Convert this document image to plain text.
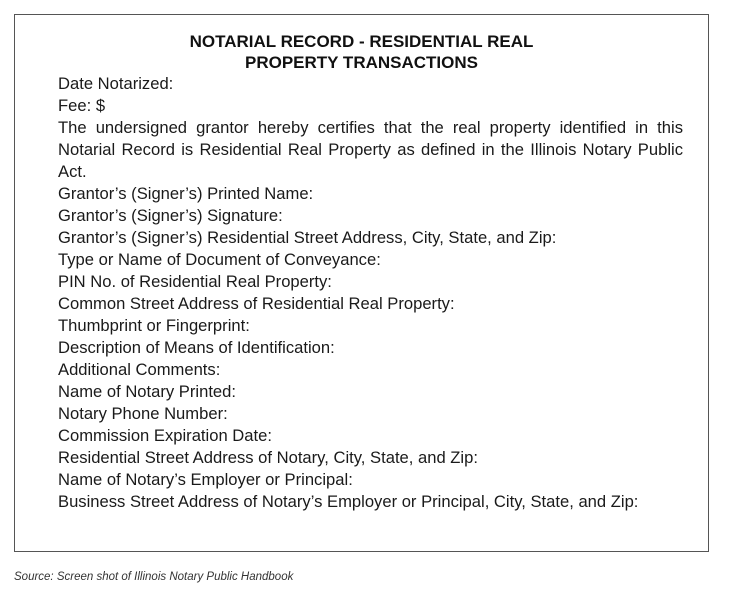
NOTARIAL RECORD - RESIDENTIAL REAL
PROPERTY TRANSACTIONS
Date Notarized:
Fee: $
The undersigned grantor hereby certifies that the real property identified in this Notarial Record is Residential Real Property as defined in the Illinois Notary Public Act.
Grantor’s (Signer’s) Printed Name:
Grantor’s (Signer’s) Signature:
Grantor’s (Signer’s) Residential Street Address, City, State, and Zip:
Type or Name of Document of Conveyance:
PIN No. of Residential Real Property:
Common Street Address of Residential Real Property:
Thumbprint or Fingerprint:
Description of Means of Identification:
Additional Comments:
Name of Notary Printed:
Notary Phone Number:
Commission Expiration Date:
Residential Street Address of Notary, City, State, and Zip:
Name of Notary’s Employer or Principal:
Business Street Address of Notary’s Employer or Principal, City, State, and Zip:
Source: Screen shot of Illinois Notary Public Handbook
